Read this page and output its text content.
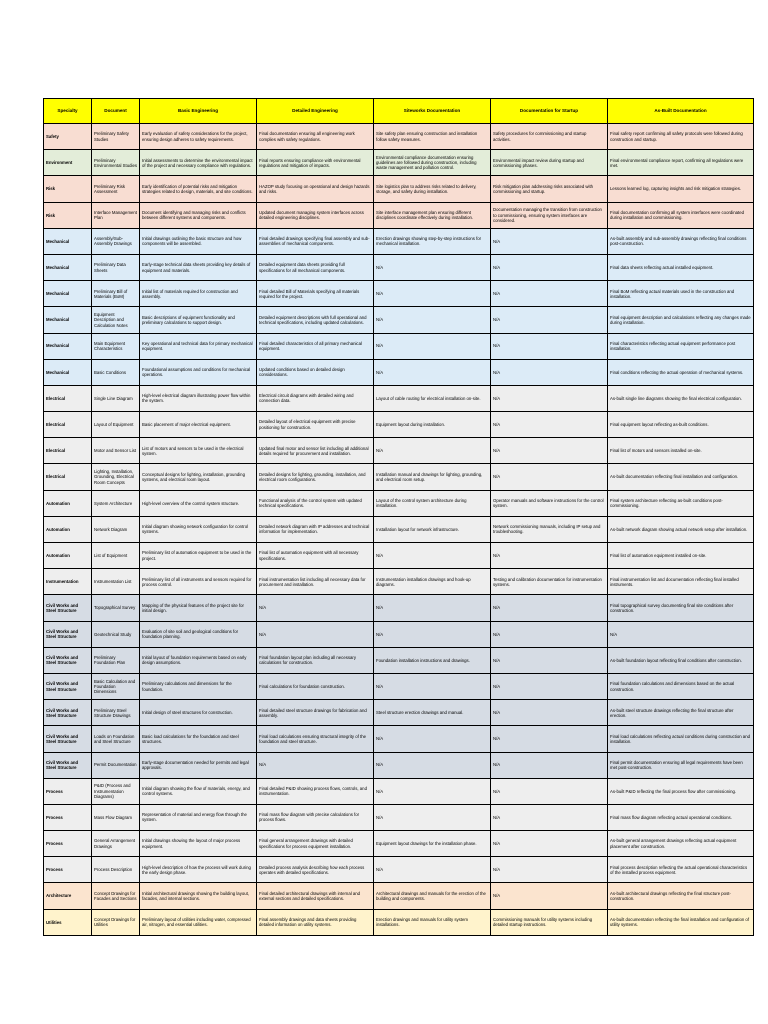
Specialty	Document	Basic Engineering	Detailed Engineering	Siteworks Documentation	Documentation for Startup	As-Built Documentation
Safety	Preliminary Safety Studies	Early evaluation of safety considerations for the project, ensuring design adheres to safety requirements.	Final documentation ensuring all engineering work complies with safety regulations.	Site safety plan ensuring construction and installation follow safety measures.	Safety procedures for commissioning and startup activities.	Final safety report confirming all safety protocols were followed during construction and startup.
Environment	Preliminary Environmental Studies	Initial assessments to determine the environmental impact of the project and necessary compliance with regulations.	Final reports ensuring compliance with environmental regulations and mitigation of impacts.	Environmental compliance documentation ensuring guidelines are followed during construction, including waste management and pollution control.	Environmental impact review during startup and commissioning phases.	Final environmental compliance report, confirming all regulations were met.
Risk	Preliminary Risk Assessment	Early identification of potential risks and mitigation strategies related to design, materials, and site conditions.	HAZOP study focusing on operational and design hazards and risks.	Site logistics plan to address risks related to delivery, storage, and safety during installation.	Risk mitigation plan addressing risks associated with commissioning and startup.	Lessons learned log, capturing insights and risk mitigation strategies.
Risk	Interface Management Plan	Document identifying and managing risks and conflicts between different systems and components.	Updated document managing system interfaces across detailed engineering disciplines.	Site interface management plan ensuring different disciplines coordinate effectively during installation.	Documentation managing the transition from construction to commissioning, ensuring system interfaces are considered.	Final documentation confirming all system interfaces were coordinated during installation and commissioning.
Mechanical	Assembly/Sub-Assembly Drawings	Initial drawings outlining the basic structure and how components will be assembled.	Final detailed drawings specifying final assembly and sub-assemblies of mechanical components.	Erection drawings showing step-by-step instructions for mechanical installation.	N/A	As-built assembly and sub-assembly drawings reflecting final conditions post-construction.
Mechanical	Preliminary Data Sheets	Early-stage technical data sheets providing key details of equipment and materials.	Detailed equipment data sheets providing full specifications for all mechanical components.	N/A	N/A	Final data sheets reflecting actual installed equipment.
Mechanical	Preliminary Bill of Materials (BoM)	Initial list of materials required for construction and assembly.	Final detailed Bill of Materials specifying all materials required for the project.	N/A	N/A	Final BoM reflecting actual materials used in the construction and installation.
Mechanical	Equipment Description and Calculation Notes	Basic descriptions of equipment functionality and preliminary calculations to support design.	Detailed equipment descriptions with full operational and technical specifications, including updated calculations.	N/A	N/A	Final equipment description and calculations reflecting any changes made during installation.
Mechanical	Main Equipment Characteristics	Key operational and technical data for primary mechanical equipment.	Final detailed characteristics of all primary mechanical equipment.	N/A	N/A	Final characteristics reflecting actual equipment performance post installation.
Mechanical	Basic Conditions	Foundational assumptions and conditions for mechanical operations.	Updated conditions based on detailed design considerations.	N/A	N/A	Final conditions reflecting the actual operation of mechanical systems.
Electrical	Single Line Diagram	High-level electrical diagram illustrating power flow within the system.	Electrical circuit diagrams with detailed wiring and connection data.	Layout of cable routing for electrical installation on-site.	N/A	As-built single line diagrams showing the final electrical configuration.
Electrical	Layout of Equipment	Basic placement of major electrical equipment.	Detailed layout of electrical equipment with precise positioning for construction.	Equipment layout during installation.	N/A	Final equipment layout reflecting as-built conditions.
Electrical	Motor and Sensor List	List of motors and sensors to be used in the electrical system.	Updated final motor and sensor list including all additional details required for procurement and installation.	N/A	N/A	Final list of motors and sensors installed on-site.
Electrical	Lighting, Installation, Grounding, Electrical Room Concepts	Conceptual designs for lighting, installation, grounding systems, and electrical room layout.	Detailed designs for lighting, grounding, installation, and electrical room configurations.	Installation manual and drawings for lighting, grounding, and electrical room setup.	N/A	As-built documentation reflecting final installation and configuration.
Automation	System Architecture	High-level overview of the control system structure.	Functional analysis of the control system with updated technical specifications.	Layout of the control system architecture during installation.	Operator manuals and software instructions for the control system.	Final system architecture reflecting as-built conditions post-commissioning.
Automation	Network Diagram	Initial diagram showing network configuration for control systems.	Detailed network diagram with IP addresses and technical information for implementation.	Installation layout for network infrastructure.	Network commissioning manuals, including IP setup and troubleshooting.	As-built network diagram showing actual network setup after installation.
Automation	List of Equipment	Preliminary list of automation equipment to be used in the project.	Final list of automation equipment with all necessary specifications.	N/A	N/A	Final list of automation equipment installed on-site.
Instrumentation	Instrumentation List	Preliminary list of all instruments and sensors required for process control.	Final instrumentation list including all necessary data for procurement and installation.	Instrumentation installation drawings and hook-up diagrams.	Testing and calibration documentation for instrumentation systems.	Final instrumentation list and documentation reflecting final installed instruments.
Civil Works and Steel Structure	Topographical Survey	Mapping of the physical features of the project site for initial design.	N/A	N/A	N/A	Final topographical survey documenting final site conditions after construction.
Civil Works and Steel Structure	Geotechnical Study	Evaluation of site soil and geological conditions for foundation planning.	N/A	N/A	N/A	N/A
Civil Works and Steel Structure	Preliminary Foundation Plan	Initial layout of foundation requirements based on early design assumptions.	Final foundation layout plan including all necessary calculations for construction.	Foundation installation instructions and drawings.	N/A	As-built foundation layout reflecting final conditions after construction.
Civil Works and Steel Structure	Basic Calculation and Foundation Dimensions	Preliminary calculations and dimensions for the foundation.	Final calculations for foundation construction.	N/A	N/A	Final foundation calculations and dimensions based on the actual construction.
Civil Works and Steel Structure	Preliminary Steel Structure Drawings	Initial design of steel structures for construction.	Final detailed steel structure drawings for fabrication and assembly.	Steel structure erection drawings and manual.	N/A	As-built steel structure drawings reflecting the final structure after erection.
Civil Works and Steel Structure	Loads on Foundation and Steel Structure	Basic load calculations for the foundation and steel structures.	Final load calculations ensuring structural integrity of the foundation and steel structure.	N/A	N/A	Final load calculations reflecting actual conditions during construction and installation.
Civil Works and Steel Structure	Permit Documentation	Early-stage documentation needed for permits and legal approvals.	N/A	N/A	N/A	Final permit documentation ensuring all legal requirements have been met post-construction.
Process	P&ID (Process and Instrumentation Diagrams)	Initial diagram showing the flow of materials, energy, and control systems.	Final detailed P&ID showing process flows, controls, and instrumentation.	N/A	N/A	As-built P&ID reflecting the final process flow after commissioning.
Process	Mass Flow Diagram	Representation of material and energy flow through the system.	Final mass flow diagram with precise calculations for process flows.	N/A	N/A	Final mass flow diagram reflecting actual operational conditions.
Process	General Arrangement Drawings	Initial drawings showing the layout of major process equipment.	Final general arrangement drawings with detailed specifications for process equipment installation.	Equipment layout drawings for the installation phase.	N/A	As-built general arrangement drawings reflecting actual equipment placement after construction.
Process	Process Description	High-level description of how the process will work during the early design phase.	Detailed process analysis describing how each process operates with detailed specifications.	N/A	N/A	Final process description reflecting the actual operational characteristics of the installed process equipment.
Architecture	Concept Drawings for Facades and Sections	Initial architectural drawings showing the building layout, facades, and internal sections.	Final detailed architectural drawings with internal and external sections and detailed specifications.	Architectural drawings and manuals for the erection of the building and components.	N/A	As-built architectural drawings reflecting the final structure post-construction.
Utilities	Concept Drawings for Utilities	Preliminary layout of utilities including water, compressed air, nitrogen, and essential utilities.	Final assembly drawings and data sheets providing detailed information on utility systems.	Erection drawings and manuals for utility system installations.	Commissioning manuals for utility systems including detailed startup instructions.	As-built documentation reflecting the final installation and configuration of utility systems.
